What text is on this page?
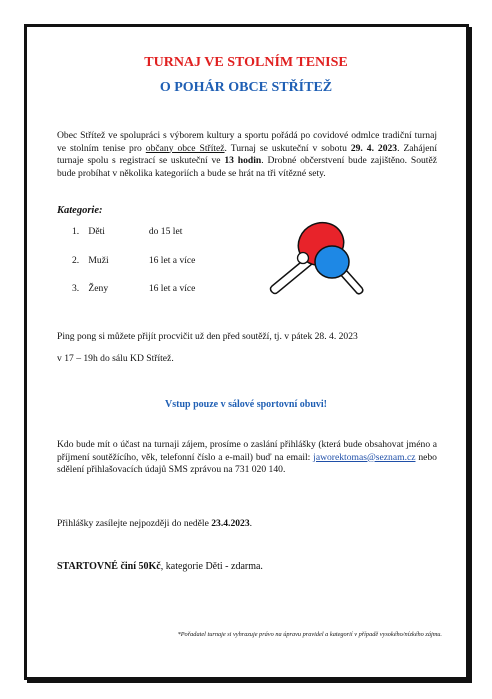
TURNAJ VE STOLNÍM TENISE
O POHÁR OBCE STŘÍTEŽ
Obec Střítež ve spolupráci s výborem kultury a sportu pořádá po covidové odmlce tradiční turnaj ve stolním tenise pro občany obce Střítež. Turnaj se uskuteční v sobotu 29. 4. 2023. Zahájení turnaje spolu s registrací se uskuteční ve 13 hodin. Drobné občerstvení bude zajištěno. Soutěž bude probíhat v několika kategoriích a bude se hrát na tři vítězné sety.
Kategorie:
1. Děti	do 15 let
2. Muži	16 let a více
3. Ženy	16 let a více
Ping pong si můžete přijít procvičit už den před soutěží, tj. v pátek 28. 4. 2023
v 17 – 19h do sálu KD Střítež.
Vstup pouze v sálové sportovní obuvi!
Kdo bude mít o účast na turnaji zájem, prosíme o zaslání přihlášky (která bude obsahovat jméno a příjmení soutěžícího, věk, telefonní číslo a e-mail) buď na email: jaworektomas@seznam.cz nebo sdělení přihlašovacích údajů SMS zprávou na 731 020 140.
Přihlášky zasílejte nejpozději do neděle 23.4.2023.
STARTOVNÉ činí 50Kč, kategorie Děti - zdarma.
*Pořadatel turnaje si vyhrazuje právo na úpravu pravidel a kategorií v případě vysokého/nízkého zájmu.
